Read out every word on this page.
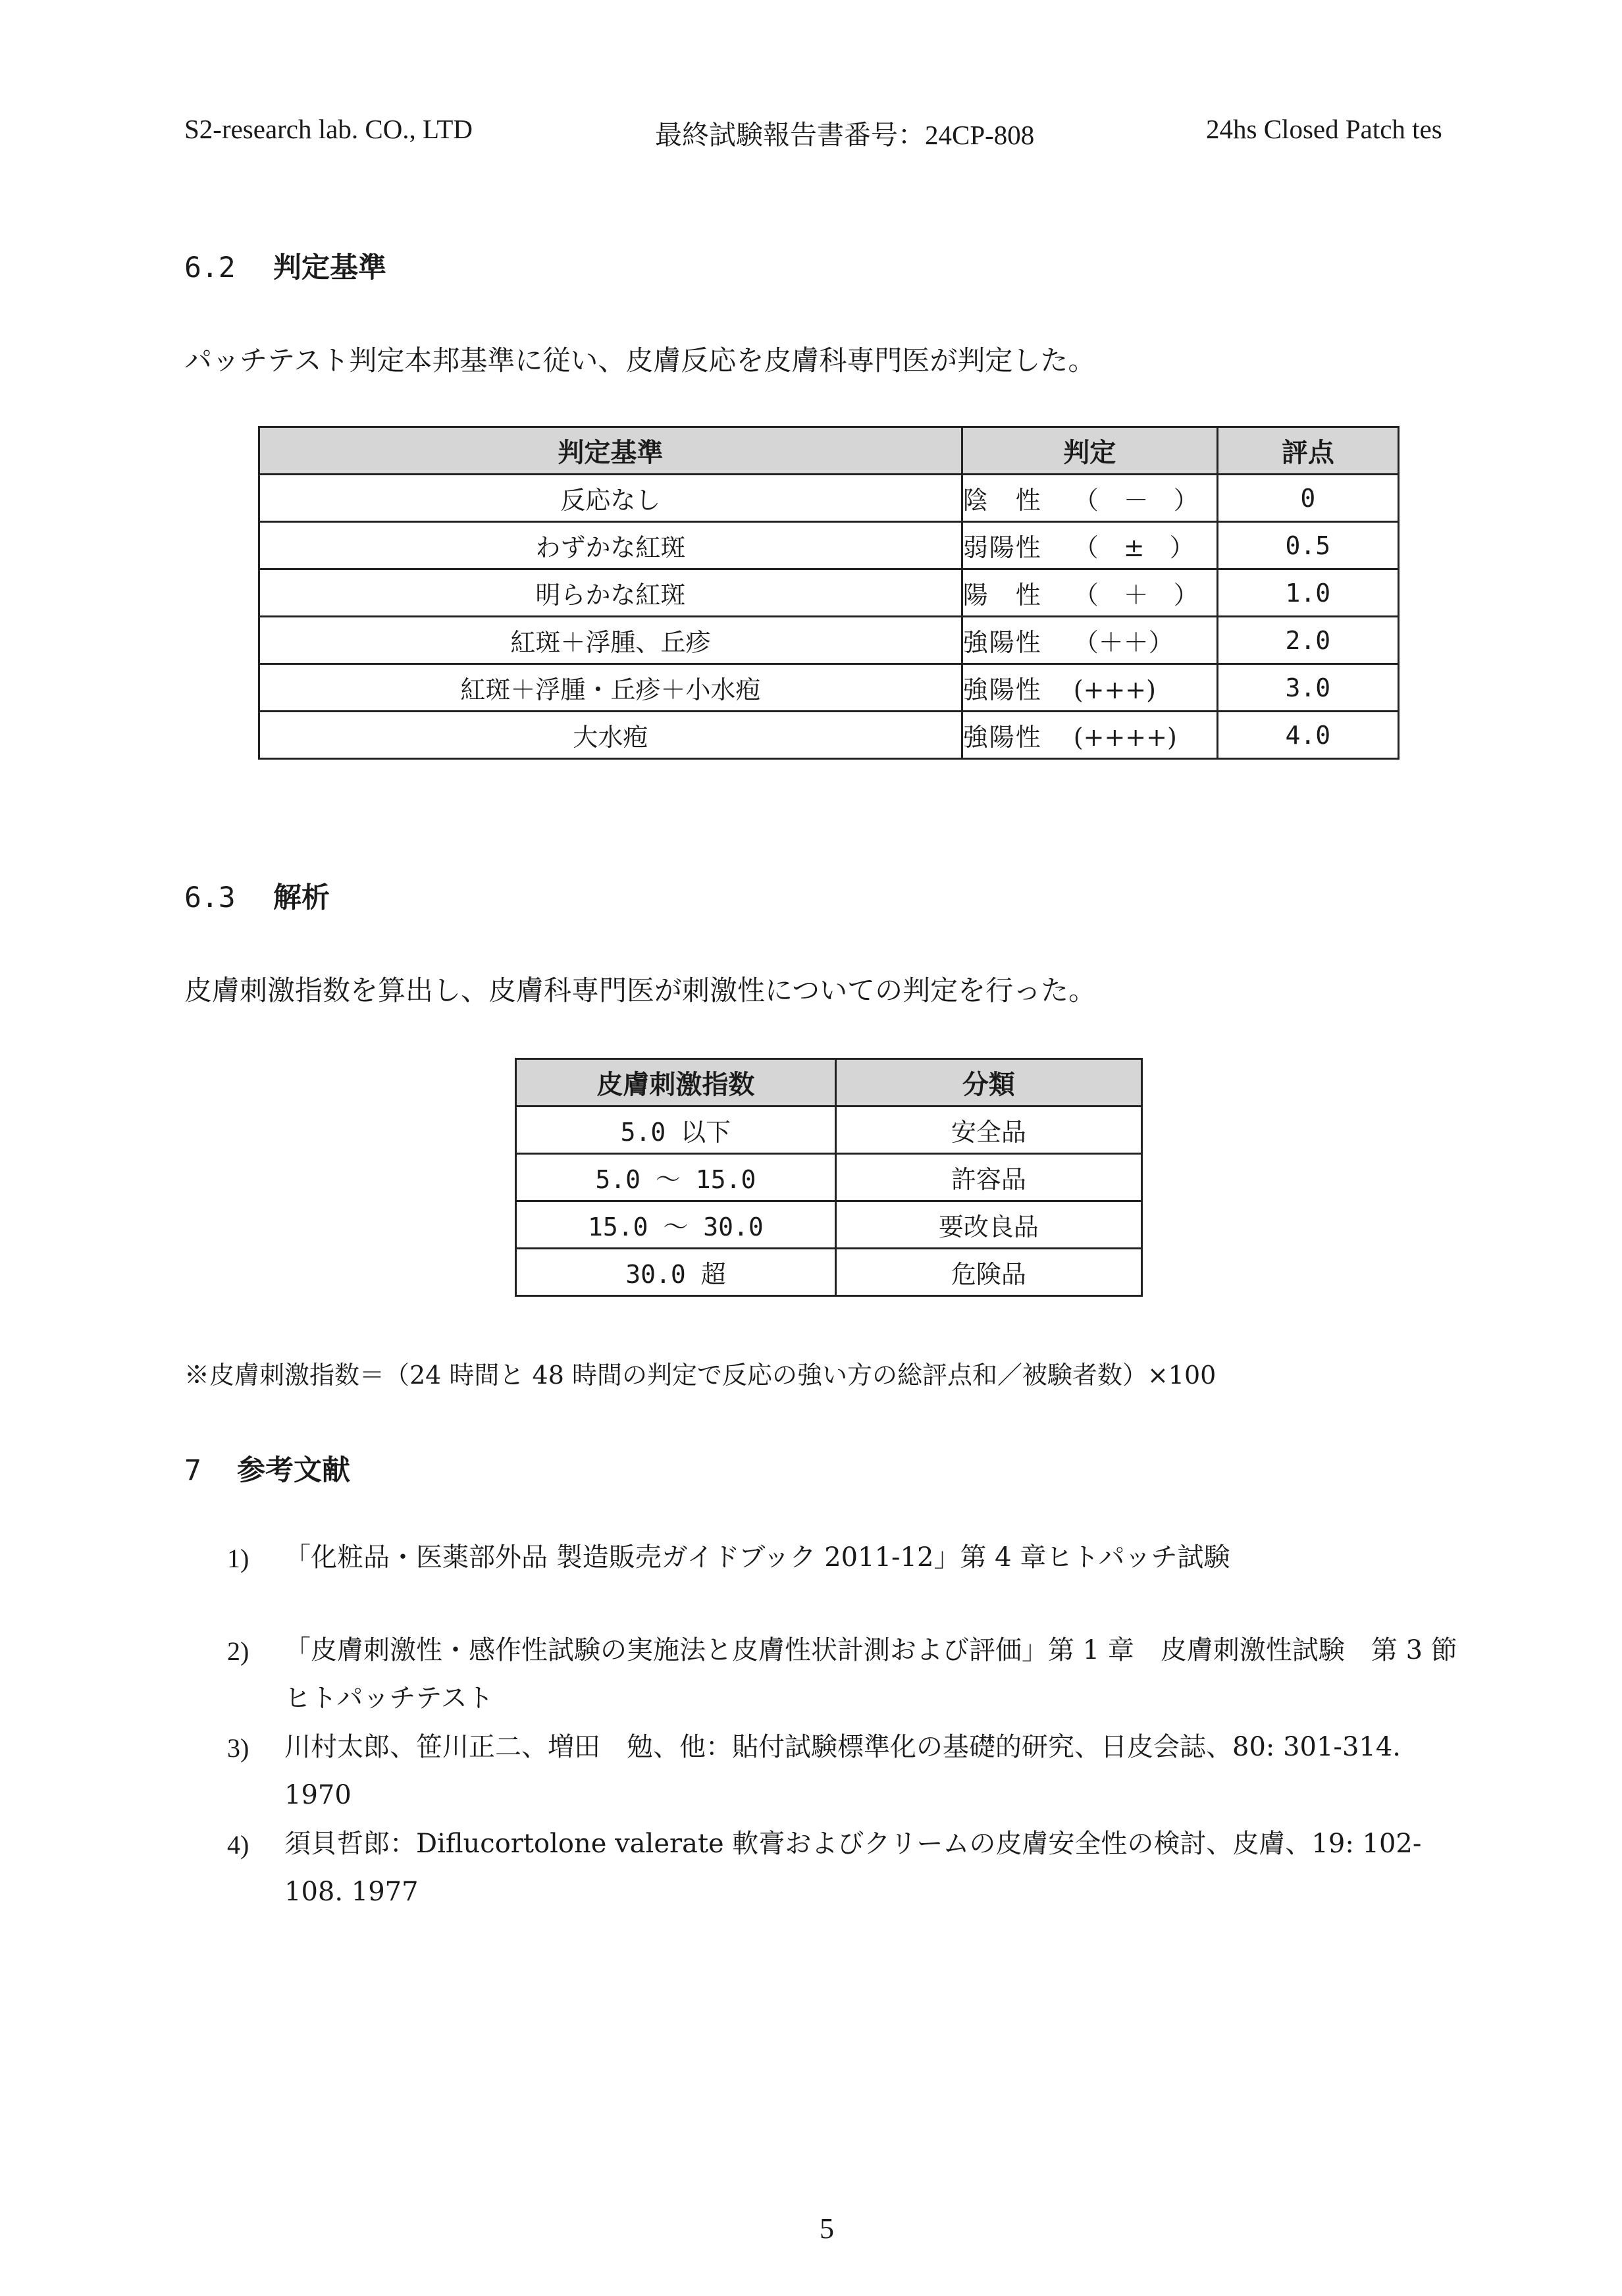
S2-research lab. CO., LTD	最終試験報告書番号：24CP-808	24hs Closed Patch tes
6.2 判定基準
パッチテスト判定本邦基準に従い、皮膚反応を皮膚科専門医が判定した。
判定基準	判定	評点
反応なし	陰　性 （　－　）	0
わずかな紅斑	弱陽性 （　±　）	0.5
明らかな紅斑	陽　性 （　＋　）	1.0
紅斑＋浮腫、丘疹	強陽性 （＋＋）	2.0
紅斑＋浮腫・丘疹＋小水疱	強陽性 (+++)	3.0
大水疱	強陽性 (++++)	4.0
6.3 解析
皮膚刺激指数を算出し、皮膚科専門医が刺激性についての判定を行った。
皮膚刺激指数	分類
5.0 以下	安全品
5.0 ～ 15.0	許容品
15.0 ～ 30.0	要改良品
30.0 超	危険品
※皮膚刺激指数＝（24 時間と 48 時間の判定で反応の強い方の総評点和／被験者数）×100
7 参考文献
1) 「化粧品・医薬部外品 製造販売ガイドブック 2011-12」第 4 章ヒトパッチ試験
2) 「皮膚刺激性・感作性試験の実施法と皮膚性状計測および評価」第 1 章　皮膚刺激性試験　第 3 節　ヒトパッチテスト
3) 川村太郎、笹川正二、増田　勉、他：貼付試験標準化の基礎的研究、日皮会誌、80: 301-314. 1970
4) 須貝哲郎：Diflucortolone valerate 軟膏およびクリームの皮膚安全性の検討、皮膚、19: 102-108. 1977
5
